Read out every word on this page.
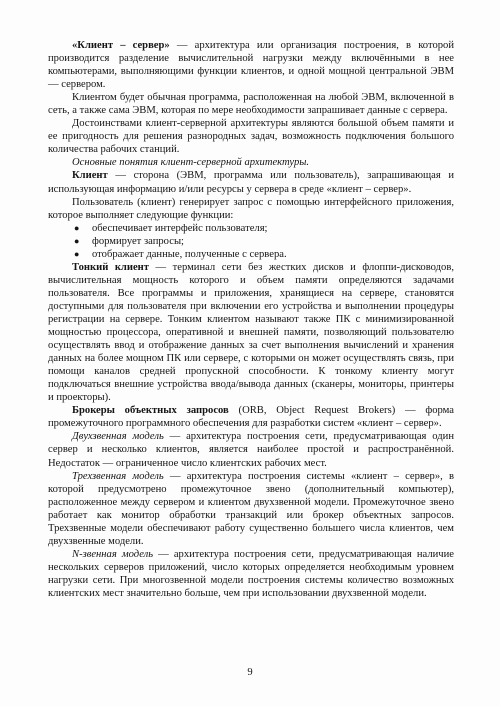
«Клиент – сервер» — архитектура или организация построения, в которой производится разделение вычислительной нагрузки между включёнными в нее компьютерами, выполняющими функции клиентов, и одной мощной центральной ЭВМ — сервером.

Клиентом будет обычная программа, расположенная на любой ЭВМ, включенной в сеть, а также сама ЭВМ, которая по мере необходимости запрашивает данные с сервера.

Достоинствами клиент-серверной архитектуры являются большой объем памяти и ее пригодность для решения разнородных задач, возможность подключения большого количества рабочих станций.

Основные понятия клиент-серверной архитектуры.

Клиент — сторона (ЭВМ, программа или пользователь), запрашивающая и использующая информацию и/или ресурсы у сервера в среде «клиент – сервер».

Пользователь (клиент) генерирует запрос с помощью интерфейсного приложения, которое выполняет следующие функции:

● обеспечивает интерфейс пользователя;
● формирует запросы;
● отображает данные, полученные с сервера.

Тонкий клиент — терминал сети без жестких дисков и флоппи-дисководов, вычислительная мощность которого и объем памяти определяются задачами пользователя. Все программы и приложения, хранящиеся на сервере, становятся доступными для пользователя при включении его устройства и выполнении процедуры регистрации на сервере. Тонким клиентом называют также ПК с минимизированной мощностью процессора, оперативной и внешней памяти, позволяющий пользователю осуществлять ввод и отображение данных за счет выполнения вычислений и хранения данных на более мощном ПК или сервере, с которыми он может осуществлять связь, при помощи каналов средней пропускной способности. К тонкому клиенту могут подключаться внешние устройства ввода/вывода данных (сканеры, мониторы, принтеры и проекторы).

Брокеры объектных запросов (ORB, Object Request Brokers) — форма промежуточного программного обеспечения для разработки систем «клиент – сервер».

Двухзвенная модель — архитектура построения сети, предусматривающая один сервер и несколько клиентов, является наиболее простой и распространённой. Недостаток — ограниченное число клиентских рабочих мест.

Трехзвенная модель — архитектура построения системы «клиент – сервер», в которой предусмотрено промежуточное звено (дополнительный компьютер), расположенное между сервером и клиентом двухзвенной модели. Промежуточное звено работает как монитор обработки транзакций или брокер объектных запросов. Трехзвенные модели обеспечивают работу существенно большего числа клиентов, чем двухзвенные модели.

N-звенная модель — архитектура построения сети, предусматривающая наличие нескольких серверов приложений, число которых определяется необходимым уровнем нагрузки сети. При многозвенной модели построения системы количество возможных клиентских мест значительно больше, чем при использовании двухзвенной модели.

9
